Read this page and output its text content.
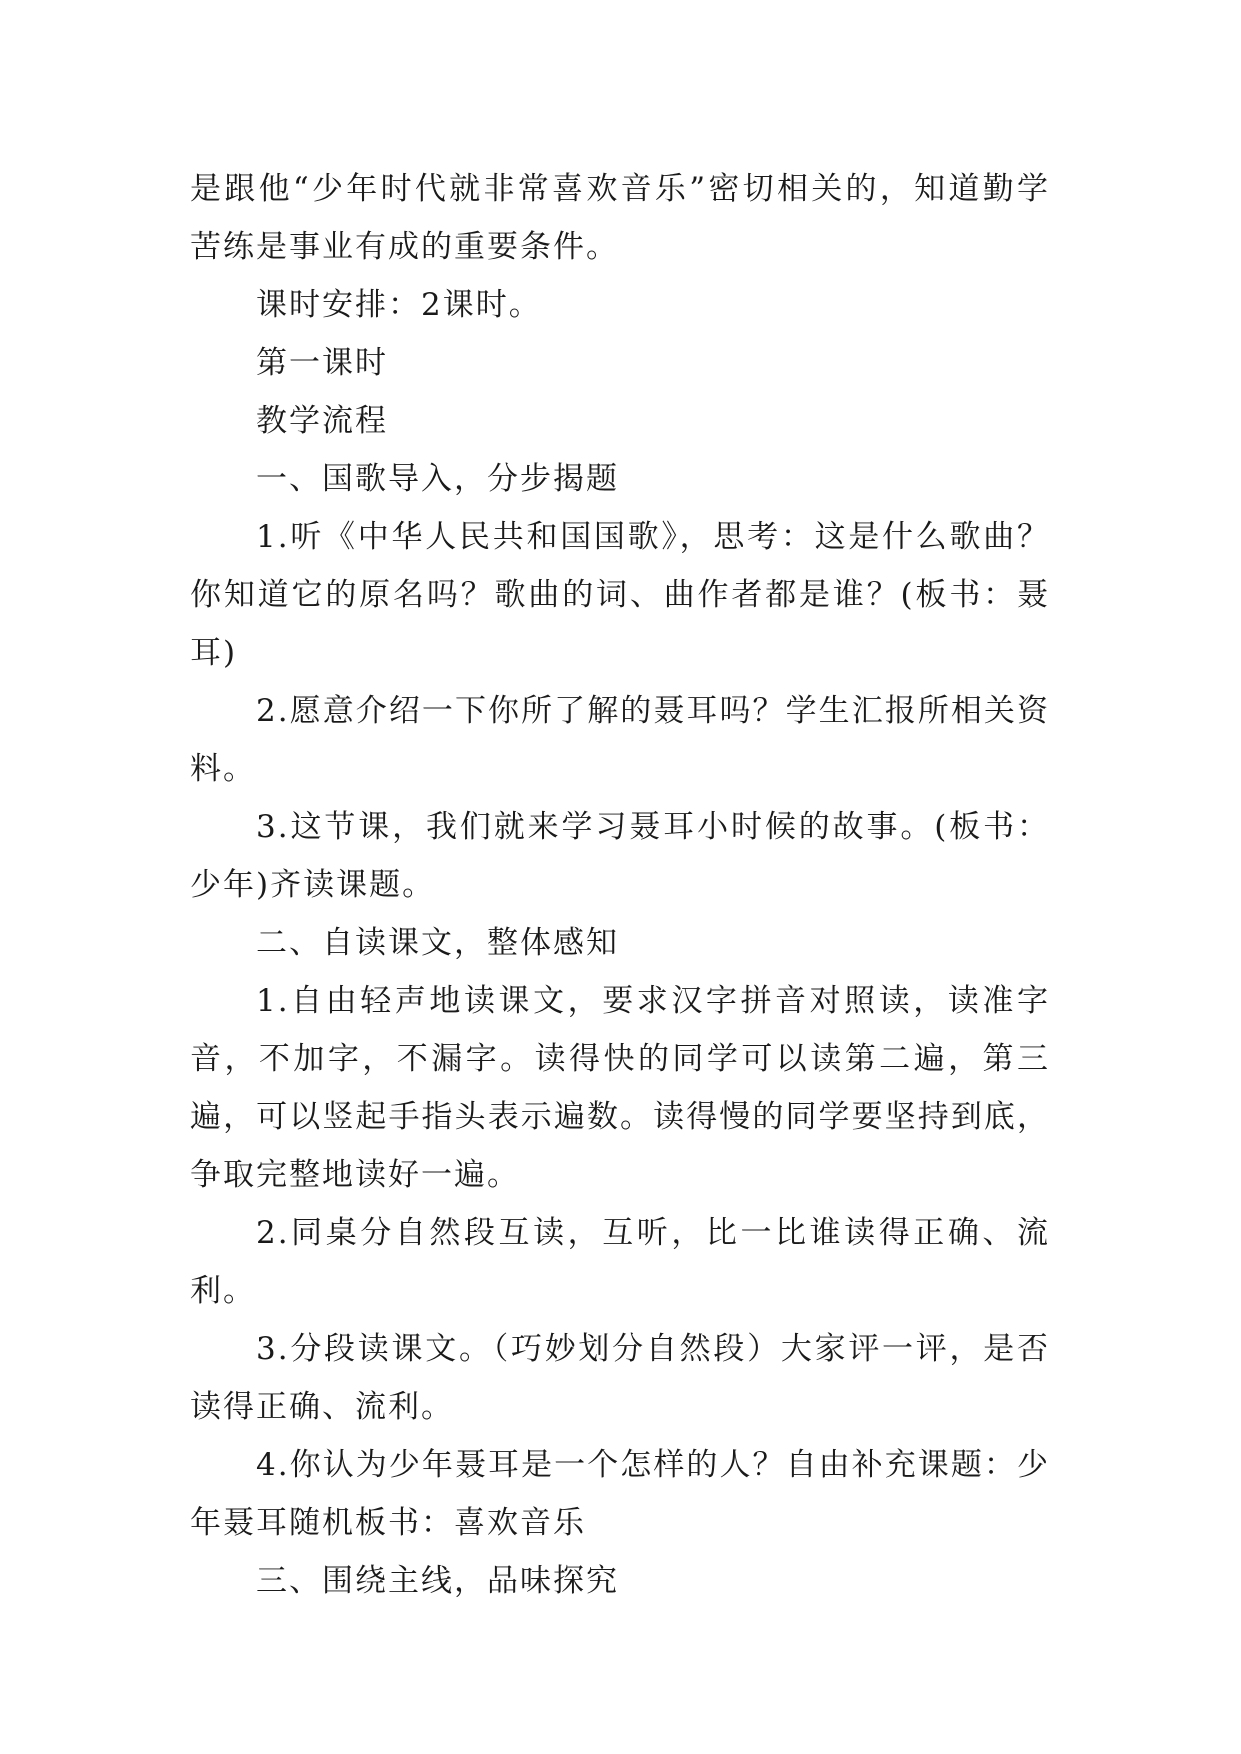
是跟他“少年时代就非常喜欢音乐”密切相关的，知道勤学苦练是事业有成的重要条件。

课时安排：2课时。

第一课时

教学流程

一、国歌导入，分步揭题

1.听《中华人民共和国国歌》，思考：这是什么歌曲？你知道它的原名吗？歌曲的词、曲作者都是谁？(板书：聂耳)

2.愿意介绍一下你所了解的聂耳吗？学生汇报所相关资料。

3.这节课，我们就来学习聂耳小时候的故事。(板书：少年)齐读课题。

二、自读课文，整体感知

1.自由轻声地读课文，要求汉字拼音对照读，读准字音，不加字，不漏字。读得快的同学可以读第二遍，第三遍，可以竖起手指头表示遍数。读得慢的同学要坚持到底，争取完整地读好一遍。

2.同桌分自然段互读，互听，比一比谁读得正确、流利。

3.分段读课文。（巧妙划分自然段）大家评一评，是否读得正确、流利。

4.你认为少年聂耳是一个怎样的人？自由补充课题：少年聂耳随机板书：喜欢音乐

三、围绕主线，品味探究
